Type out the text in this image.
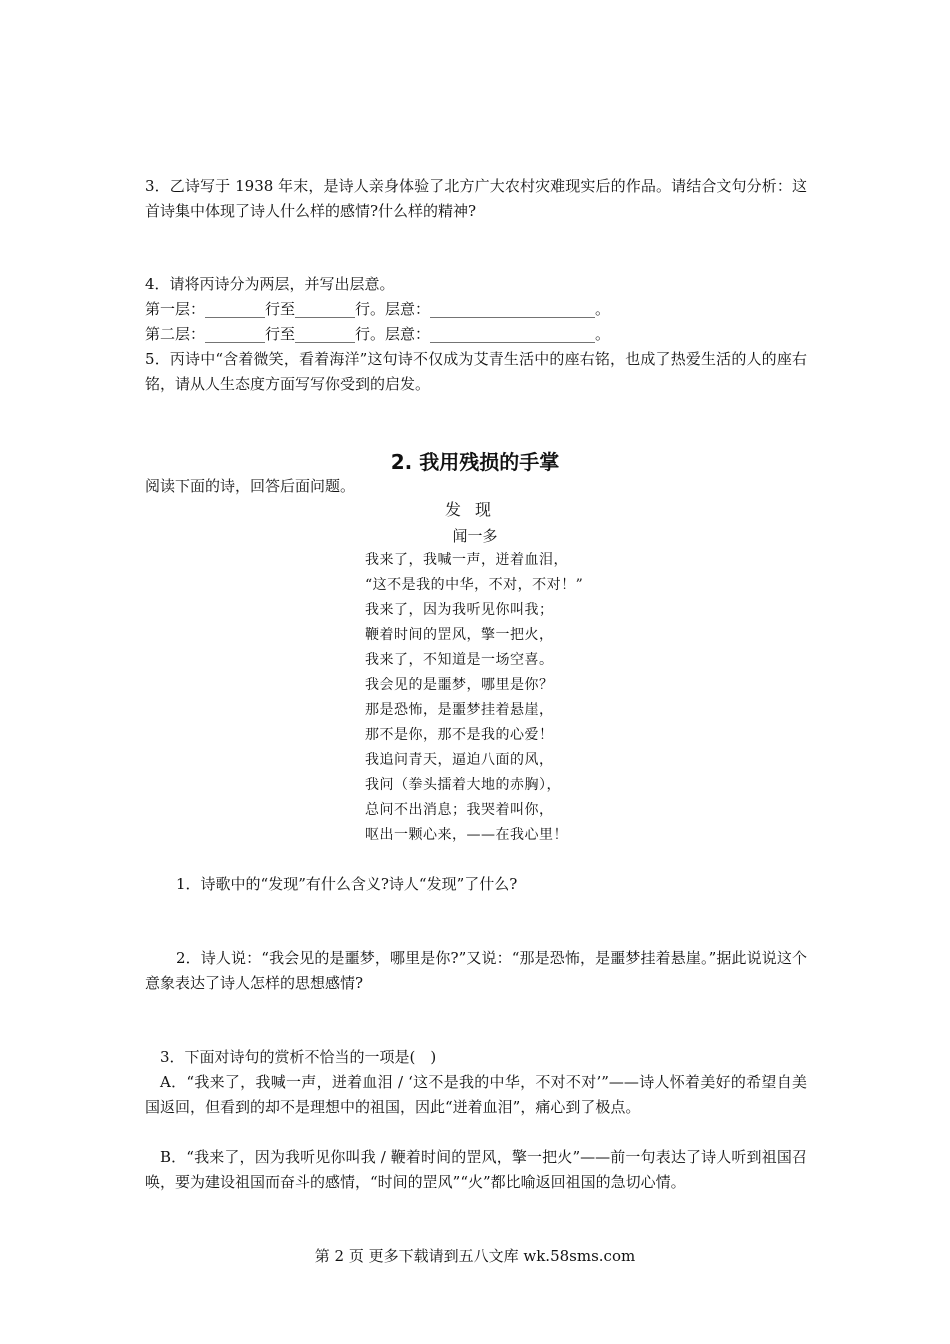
3．乙诗写于 1938 年末，是诗人亲身体验了北方广大农村灾难现实后的作品。请结合文句分析：这首诗集中体现了诗人什么样的感情?什么样的精神?

4．请将丙诗分为两层，并写出层意。

第一层：________行至________行。层意：______________________。

第二层：________行至________行。层意：______________________。

5．丙诗中“含着微笑，看着海洋”这句诗不仅成为艾青生活中的座右铭，也成了热爱生活的人的座右铭，请从人生态度方面写写你受到的启发。

2. 我用残损的手掌

阅读下面的诗，回答后面问题。

发现

闻一多

我来了，我喊一声，迸着血泪，
“这不是我的中华，不对，不对！”
我来了，因为我听见你叫我；
鞭着时间的罡风，擎一把火，
我来了，不知道是一场空喜。
我会见的是噩梦，哪里是你？
那是恐怖，是噩梦挂着悬崖，
那不是你，那不是我的心爱！
我追问青天，逼迫八面的风，
我问（拳头擂着大地的赤胸），
总问不出消息；我哭着叫你，
呕出一颗心来，——在我心里！

1．诗歌中的“发现”有什么含义?诗人“发现”了什么?

2．诗人说：“我会见的是噩梦，哪里是你?”又说：“那是恐怖，是噩梦挂着悬崖。”据此说说这个意象表达了诗人怎样的思想感情?

3．下面对诗句的赏析不恰当的一项是(　)

A．“我来了，我喊一声，迸着血泪 / ‘这不是我的中华，不对不对’”——诗人怀着美好的希望自美国返回，但看到的却不是理想中的祖国，因此“迸着血泪”，痛心到了极点。

B．“我来了，因为我听见你叫我 / 鞭着时间的罡风，擎一把火”——前一句表达了诗人听到祖国召唤，要为建设祖国而奋斗的感情，“时间的罡风”“火”都比喻返回祖国的急切心情。

第 2 页 更多下载请到五八文库 wk.58sms.com
